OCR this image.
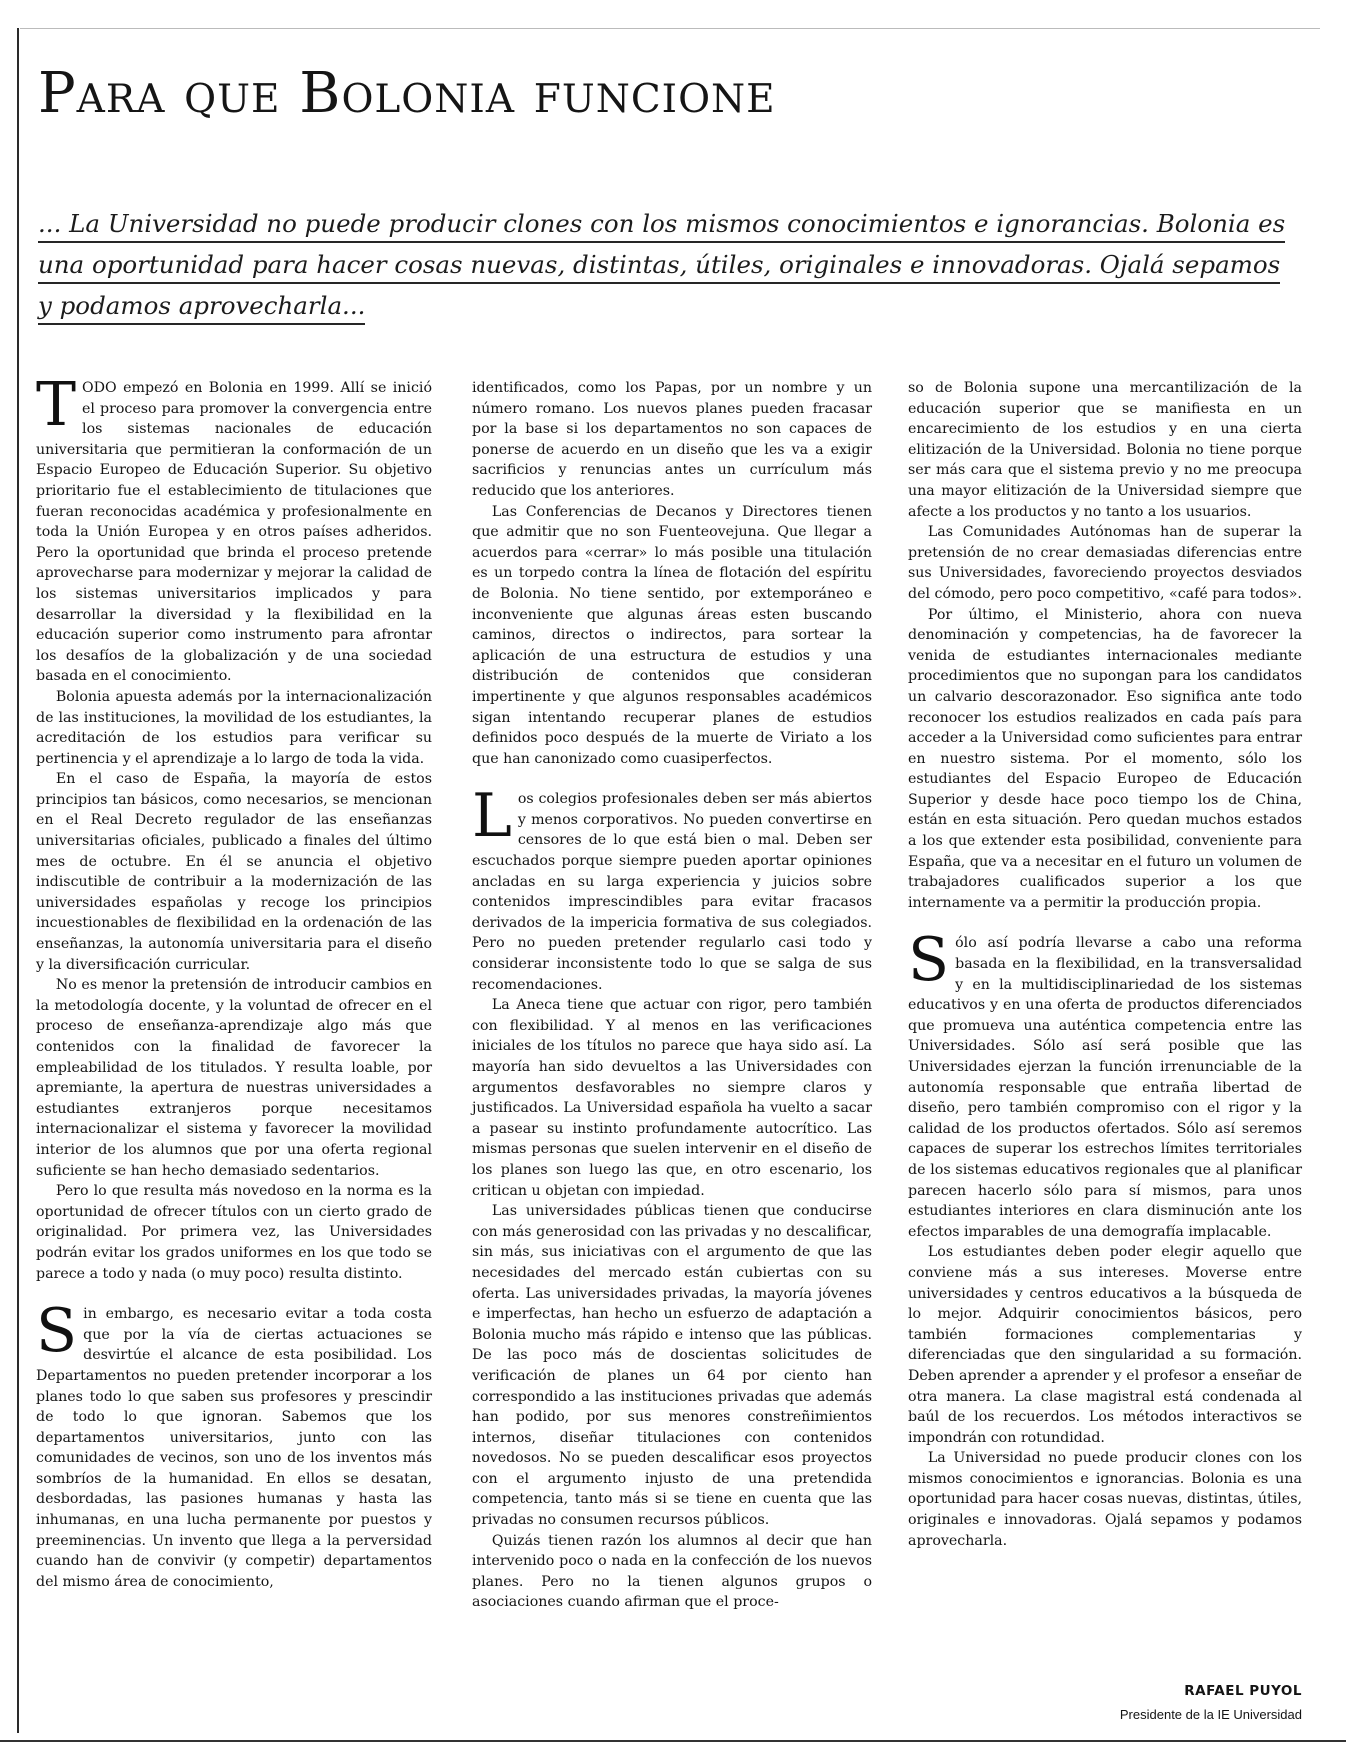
Para que Bolonia funcione

... La Universidad no puede producir clones con los mismos conocimientos e ignorancias. Bolonia es una oportunidad para hacer cosas nuevas, distintas, útiles, originales e innovadoras. Ojalá sepamos y podamos aprovecharla...

TODO empezó en Bolonia en 1999. Allí se inició el proceso para promover la convergencia entre los sistemas nacionales de educación universitaria que permitieran la conformación de un Espacio Europeo de Educación Superior. Su objetivo prioritario fue el establecimiento de titulaciones que fueran reconocidas académica y profesionalmente en toda la Unión Europea y en otros países adheridos. Pero la oportunidad que brinda el proceso pretende aprovecharse para modernizar y mejorar la calidad de los sistemas universitarios implicados y para desarrollar la diversidad y la flexibilidad en la educación superior como instrumento para afrontar los desafíos de la globalización y de una sociedad basada en el conocimiento.

Bolonia apuesta además por la internacionalización de las instituciones, la movilidad de los estudiantes, la acreditación de los estudios para verificar su pertinencia y el aprendizaje a lo largo de toda la vida.

En el caso de España, la mayoría de estos principios tan básicos, como necesarios, se mencionan en el Real Decreto regulador de las enseñanzas universitarias oficiales, publicado a finales del último mes de octubre. En él se anuncia el objetivo indiscutible de contribuir a la modernización de las universidades españolas y recoge los principios incuestionables de flexibilidad en la ordenación de las enseñanzas, la autonomía universitaria para el diseño y la diversificación curricular.

No es menor la pretensión de introducir cambios en la metodología docente, y la voluntad de ofrecer en el proceso de enseñanza-aprendizaje algo más que contenidos con la finalidad de favorecer la empleabilidad de los titulados. Y resulta loable, por apremiante, la apertura de nuestras universidades a estudiantes extranjeros porque necesitamos internacionalizar el sistema y favorecer la movilidad interior de los alumnos que por una oferta regional suficiente se han hecho demasiado sedentarios.

Pero lo que resulta más novedoso en la norma es la oportunidad de ofrecer títulos con un cierto grado de originalidad. Por primera vez, las Universidades podrán evitar los grados uniformes en los que todo se parece a todo y nada (o muy poco) resulta distinto.

Sin embargo, es necesario evitar a toda costa que por la vía de ciertas actuaciones se desvirtúe el alcance de esta posibilidad. Los Departamentos no pueden pretender incorporar a los planes todo lo que saben sus profesores y prescindir de todo lo que ignoran. Sabemos que los departamentos universitarios, junto con las comunidades de vecinos, son uno de los inventos más sombríos de la humanidad. En ellos se desatan, desbordadas, las pasiones humanas y hasta las inhumanas, en una lucha permanente por puestos y preeminencias. Un invento que llega a la perversidad cuando han de convivir (y competir) departamentos del mismo área de conocimiento,

identificados, como los Papas, por un nombre y un número romano. Los nuevos planes pueden fracasar por la base si los departamentos no son capaces de ponerse de acuerdo en un diseño que les va a exigir sacrificios y renuncias antes un currículum más reducido que los anteriores.

Las Conferencias de Decanos y Directores tienen que admitir que no son Fuenteovejuna. Que llegar a acuerdos para «cerrar» lo más posible una titulación es un torpedo contra la línea de flotación del espíritu de Bolonia. No tiene sentido, por extemporáneo e inconveniente que algunas áreas esten buscando caminos, directos o indirectos, para sortear la aplicación de una estructura de estudios y una distribución de contenidos que consideran impertinente y que algunos responsables académicos sigan intentando recuperar planes de estudios definidos poco después de la muerte de Viriato a los que han canonizado como cuasiperfectos.

Los colegios profesionales deben ser más abiertos y menos corporativos. No pueden convertirse en censores de lo que está bien o mal. Deben ser escuchados porque siempre pueden aportar opiniones ancladas en su larga experiencia y juicios sobre contenidos imprescindibles para evitar fracasos derivados de la impericia formativa de sus colegiados. Pero no pueden pretender regularlo casi todo y considerar inconsistente todo lo que se salga de sus recomendaciones.

La Aneca tiene que actuar con rigor, pero también con flexibilidad. Y al menos en las verificaciones iniciales de los títulos no parece que haya sido así. La mayoría han sido devueltos a las Universidades con argumentos desfavorables no siempre claros y justificados. La Universidad española ha vuelto a sacar a pasear su instinto profundamente autocrítico. Las mismas personas que suelen intervenir en el diseño de los planes son luego las que, en otro escenario, los critican u objetan con impiedad.

Las universidades públicas tienen que conducirse con más generosidad con las privadas y no descalificar, sin más, sus iniciativas con el argumento de que las necesidades del mercado están cubiertas con su oferta. Las universidades privadas, la mayoría jóvenes e imperfectas, han hecho un esfuerzo de adaptación a Bolonia mucho más rápido e intenso que las públicas. De las poco más de doscientas solicitudes de verificación de planes un 64 por ciento han correspondido a las instituciones privadas que además han podido, por sus menores constreñimientos internos, diseñar titulaciones con contenidos novedosos. No se pueden descalificar esos proyectos con el argumento injusto de una pretendida competencia, tanto más si se tiene en cuenta que las privadas no consumen recursos públicos.

Quizás tienen razón los alumnos al decir que han intervenido poco o nada en la confección de los nuevos planes. Pero no la tienen algunos grupos o asociaciones cuando afirman que el proce-

so de Bolonia supone una mercantilización de la educación superior que se manifiesta en un encarecimiento de los estudios y en una cierta elitización de la Universidad. Bolonia no tiene porque ser más cara que el sistema previo y no me preocupa una mayor elitización de la Universidad siempre que afecte a los productos y no tanto a los usuarios.

Las Comunidades Autónomas han de superar la pretensión de no crear demasiadas diferencias entre sus Universidades, favoreciendo proyectos desviados del cómodo, pero poco competitivo, «café para todos».

Por último, el Ministerio, ahora con nueva denominación y competencias, ha de favorecer la venida de estudiantes internacionales mediante procedimientos que no supongan para los candidatos un calvario descorazonador. Eso significa ante todo reconocer los estudios realizados en cada país para acceder a la Universidad como suficientes para entrar en nuestro sistema. Por el momento, sólo los estudiantes del Espacio Europeo de Educación Superior y desde hace poco tiempo los de China, están en esta situación. Pero quedan muchos estados a los que extender esta posibilidad, conveniente para España, que va a necesitar en el futuro un volumen de trabajadores cualificados superior a los que internamente va a permitir la producción propia.

Sólo así podría llevarse a cabo una reforma basada en la flexibilidad, en la transversalidad y en la multidisciplinariedad de los sistemas educativos y en una oferta de productos diferenciados que promueva una auténtica competencia entre las Universidades. Sólo así será posible que las Universidades ejerzan la función irrenunciable de la autonomía responsable que entraña libertad de diseño, pero también compromiso con el rigor y la calidad de los productos ofertados. Sólo así seremos capaces de superar los estrechos límites territoriales de los sistemas educativos regionales que al planificar parecen hacerlo sólo para sí mismos, para unos estudiantes interiores en clara disminución ante los efectos imparables de una demografía implacable.

Los estudiantes deben poder elegir aquello que conviene más a sus intereses. Moverse entre universidades y centros educativos a la búsqueda de lo mejor. Adquirir conocimientos básicos, pero también formaciones complementarias y diferenciadas que den singularidad a su formación. Deben aprender a aprender y el profesor a enseñar de otra manera. La clase magistral está condenada al baúl de los recuerdos. Los métodos interactivos se impondrán con rotundidad.

La Universidad no puede producir clones con los mismos conocimientos e ignorancias. Bolonia es una oportunidad para hacer cosas nuevas, distintas, útiles, originales e innovadoras. Ojalá sepamos y podamos aprovecharla.

RAFAEL PUYOL
Presidente de la IE Universidad
